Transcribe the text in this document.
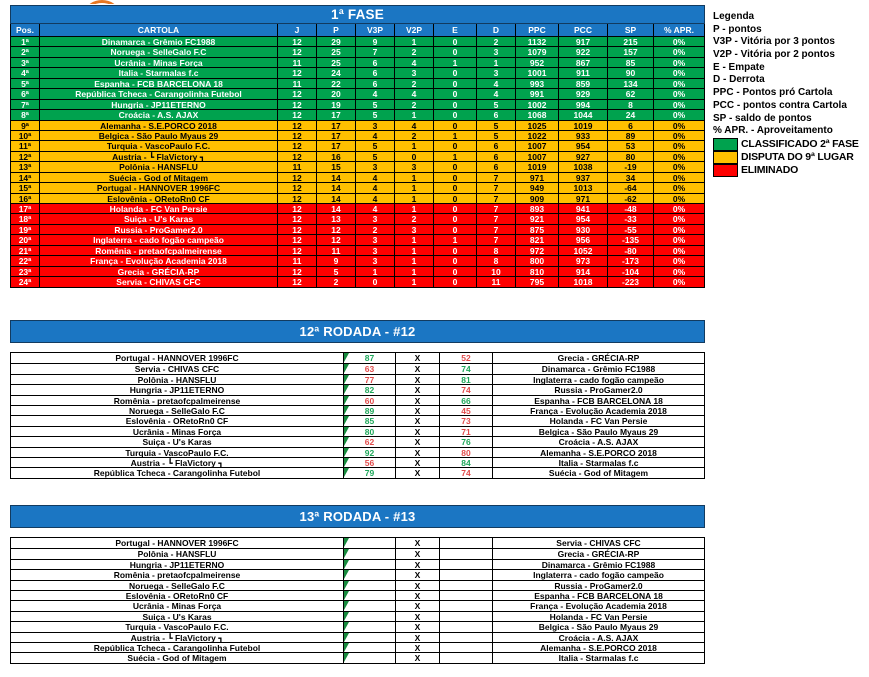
1ª FASE
Pos.	CARTOLA	J	P	V3P	V2P	E	D	PPC	PCC	SP	% APR.
1ª	Dinamarca - Grêmio FC1988	12	29	9	1	0	2	1132	917	215	0%
2ª	Noruega - SelleGalo F.C	12	25	7	2	0	3	1079	922	157	0%
3ª	Ucrânia - Minas Força	11	25	6	4	1	1	952	867	85	0%
4ª	Italia - Starmalas f.c	12	24	6	3	0	3	1001	911	90	0%
5ª	Espanha - FCB BARCELONA 18	11	22	6	2	0	4	993	859	134	0%
6ª	República Tcheca - Carangolinha Futebol	12	20	4	4	0	4	991	929	62	0%
7ª	Hungria - JP11ETERNO	12	19	5	2	0	5	1002	994	8	0%
8ª	Croácia - A.S. AJAX	12	17	5	1	0	6	1068	1044	24	0%
9ª	Alemanha - S.E.PORCO 2018	12	17	3	4	0	5	1025	1019	6	0%
10ª	Belgica - São Paulo Myaus 29	12	17	4	2	1	5	1022	933	89	0%
11ª	Turquia - VascoPaulo F.C.	12	17	5	1	0	6	1007	954	53	0%
12ª	Austria - ┗ FlaVictory ┓	12	16	5	0	1	6	1007	927	80	0%
13ª	Polônia - HANSFLU	11	15	3	3	0	6	1019	1038	-19	0%
14ª	Suécia - God of Mitagem	12	14	4	1	0	7	971	937	34	0%
15ª	Portugal - HANNOVER 1996FC	12	14	4	1	0	7	949	1013	-64	0%
16ª	Eslovênia - ORetoRn0 CF	12	14	4	1	0	7	909	971	-62	0%
17ª	Holanda - FC Van Persie	12	14	4	1	0	7	893	941	-48	0%
18ª	Suiça - U's Karas	12	13	3	2	0	7	921	954	-33	0%
19ª	Russia - ProGamer2.0	12	12	2	3	0	7	875	930	-55	0%
20ª	Inglaterra - cado fogão campeão	12	12	3	1	1	7	821	956	-135	0%
21ª	Romênia - pretaofcpalmeirense	12	11	3	1	0	8	972	1052	-80	0%
22ª	França - Evolução Academia 2018	11	9	3	1	0	8	800	973	-173	0%
23ª	Grecia - GRÉCIA-RP	12	5	1	1	0	10	810	914	-104	0%
24ª	Servia - CHIVAS CFC	12	2	0	1	0	11	795	1018	-223	0%
Legenda
P - pontos
V3P - Vitória por 3 pontos
V2P - Vitória por 2 pontos
E - Empate
D - Derrota
PPC - Pontos pró Cartola
PCC - pontos contra Cartola
SP - saldo de pontos
% APR. - Aproveitamento
CLASSIFICADO 2ª FASE
DISPUTA DO 9ª LUGAR
ELIMINADO
12ª RODADA - #12
Portugal - HANNOVER 1996FC	87	X	52	Grecia - GRÉCIA-RP
Servia - CHIVAS CFC	63	X	74	Dinamarca - Grêmio FC1988
Polônia - HANSFLU	77	X	81	Inglaterra - cado fogão campeão
Hungria - JP11ETERNO	82	X	74	Russia - ProGamer2.0
Romênia - pretaofcpalmeirense	60	X	66	Espanha - FCB BARCELONA 18
Noruega - SelleGalo F.C	89	X	45	França - Evolução Academia 2018
Eslovênia - ORetoRn0 CF	85	X	73	Holanda - FC Van Persie
Ucrânia - Minas Força	80	X	71	Belgica - São Paulo Myaus 29
Suiça - U's Karas	62	X	76	Croácia - A.S. AJAX
Turquia - VascoPaulo F.C.	92	X	80	Alemanha - S.E.PORCO 2018
Austria - ┗ FlaVictory ┓	56	X	84	Italia - Starmalas f.c
República Tcheca - Carangolinha Futebol	79	X	74	Suécia - God of Mitagem
13ª RODADA - #13
Portugal - HANNOVER 1996FC	X	Servia - CHIVAS CFC
Polônia - HANSFLU	X	Grecia - GRÉCIA-RP
Hungria - JP11ETERNO	X	Dinamarca - Grêmio FC1988
Romênia - pretaofcpalmeirense	X	Inglaterra - cado fogão campeão
Noruega - SelleGalo F.C	X	Russia - ProGamer2.0
Eslovênia - ORetoRn0 CF	X	Espanha - FCB BARCELONA 18
Ucrânia - Minas Força	X	França - Evolução Academia 2018
Suiça - U's Karas	X	Holanda - FC Van Persie
Turquia - VascoPaulo F.C.	X	Belgica - São Paulo Myaus 29
Austria - ┗ FlaVictory ┓	X	Croácia - A.S. AJAX
República Tcheca - Carangolinha Futebol	X	Alemanha - S.E.PORCO 2018
Suécia - God of Mitagem	X	Italia - Starmalas f.c
